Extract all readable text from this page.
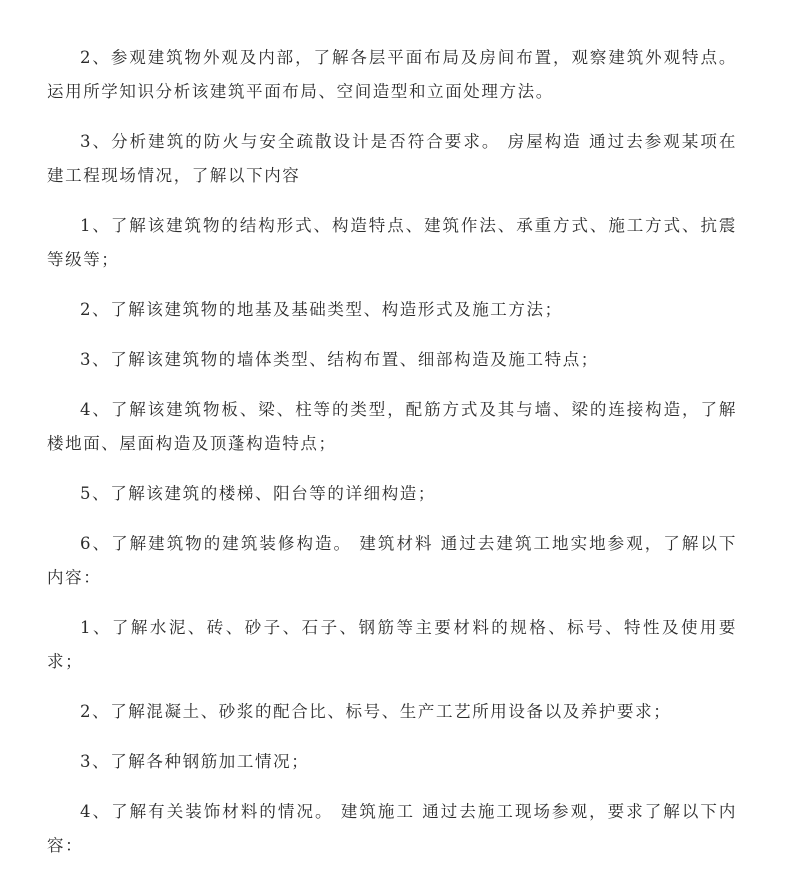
2、参观建筑物外观及内部，了解各层平面布局及房间布置，观察建筑外观特点。运用所学知识分析该建筑平面布局、空间造型和立面处理方法。

3、分析建筑的防火与安全疏散设计是否符合要求。 房屋构造 通过去参观某项在建工程现场情况，了解以下内容

1、了解该建筑物的结构形式、构造特点、建筑作法、承重方式、施工方式、抗震等级等；

2、了解该建筑物的地基及基础类型、构造形式及施工方法；

3、了解该建筑物的墙体类型、结构布置、细部构造及施工特点；

4、了解该建筑物板、梁、柱等的类型，配筋方式及其与墙、梁的连接构造，了解楼地面、屋面构造及顶蓬构造特点；

5、了解该建筑的楼梯、阳台等的详细构造；

6、了解建筑物的建筑装修构造。 建筑材料 通过去建筑工地实地参观，了解以下内容：

1、了解水泥、砖、砂子、石子、钢筋等主要材料的规格、标号、特性及使用要求；

2、了解混凝土、砂浆的配合比、标号、生产工艺所用设备以及养护要求；

3、了解各种钢筋加工情况；

4、了解有关装饰材料的情况。 建筑施工 通过去施工现场参观，要求了解以下内容：
